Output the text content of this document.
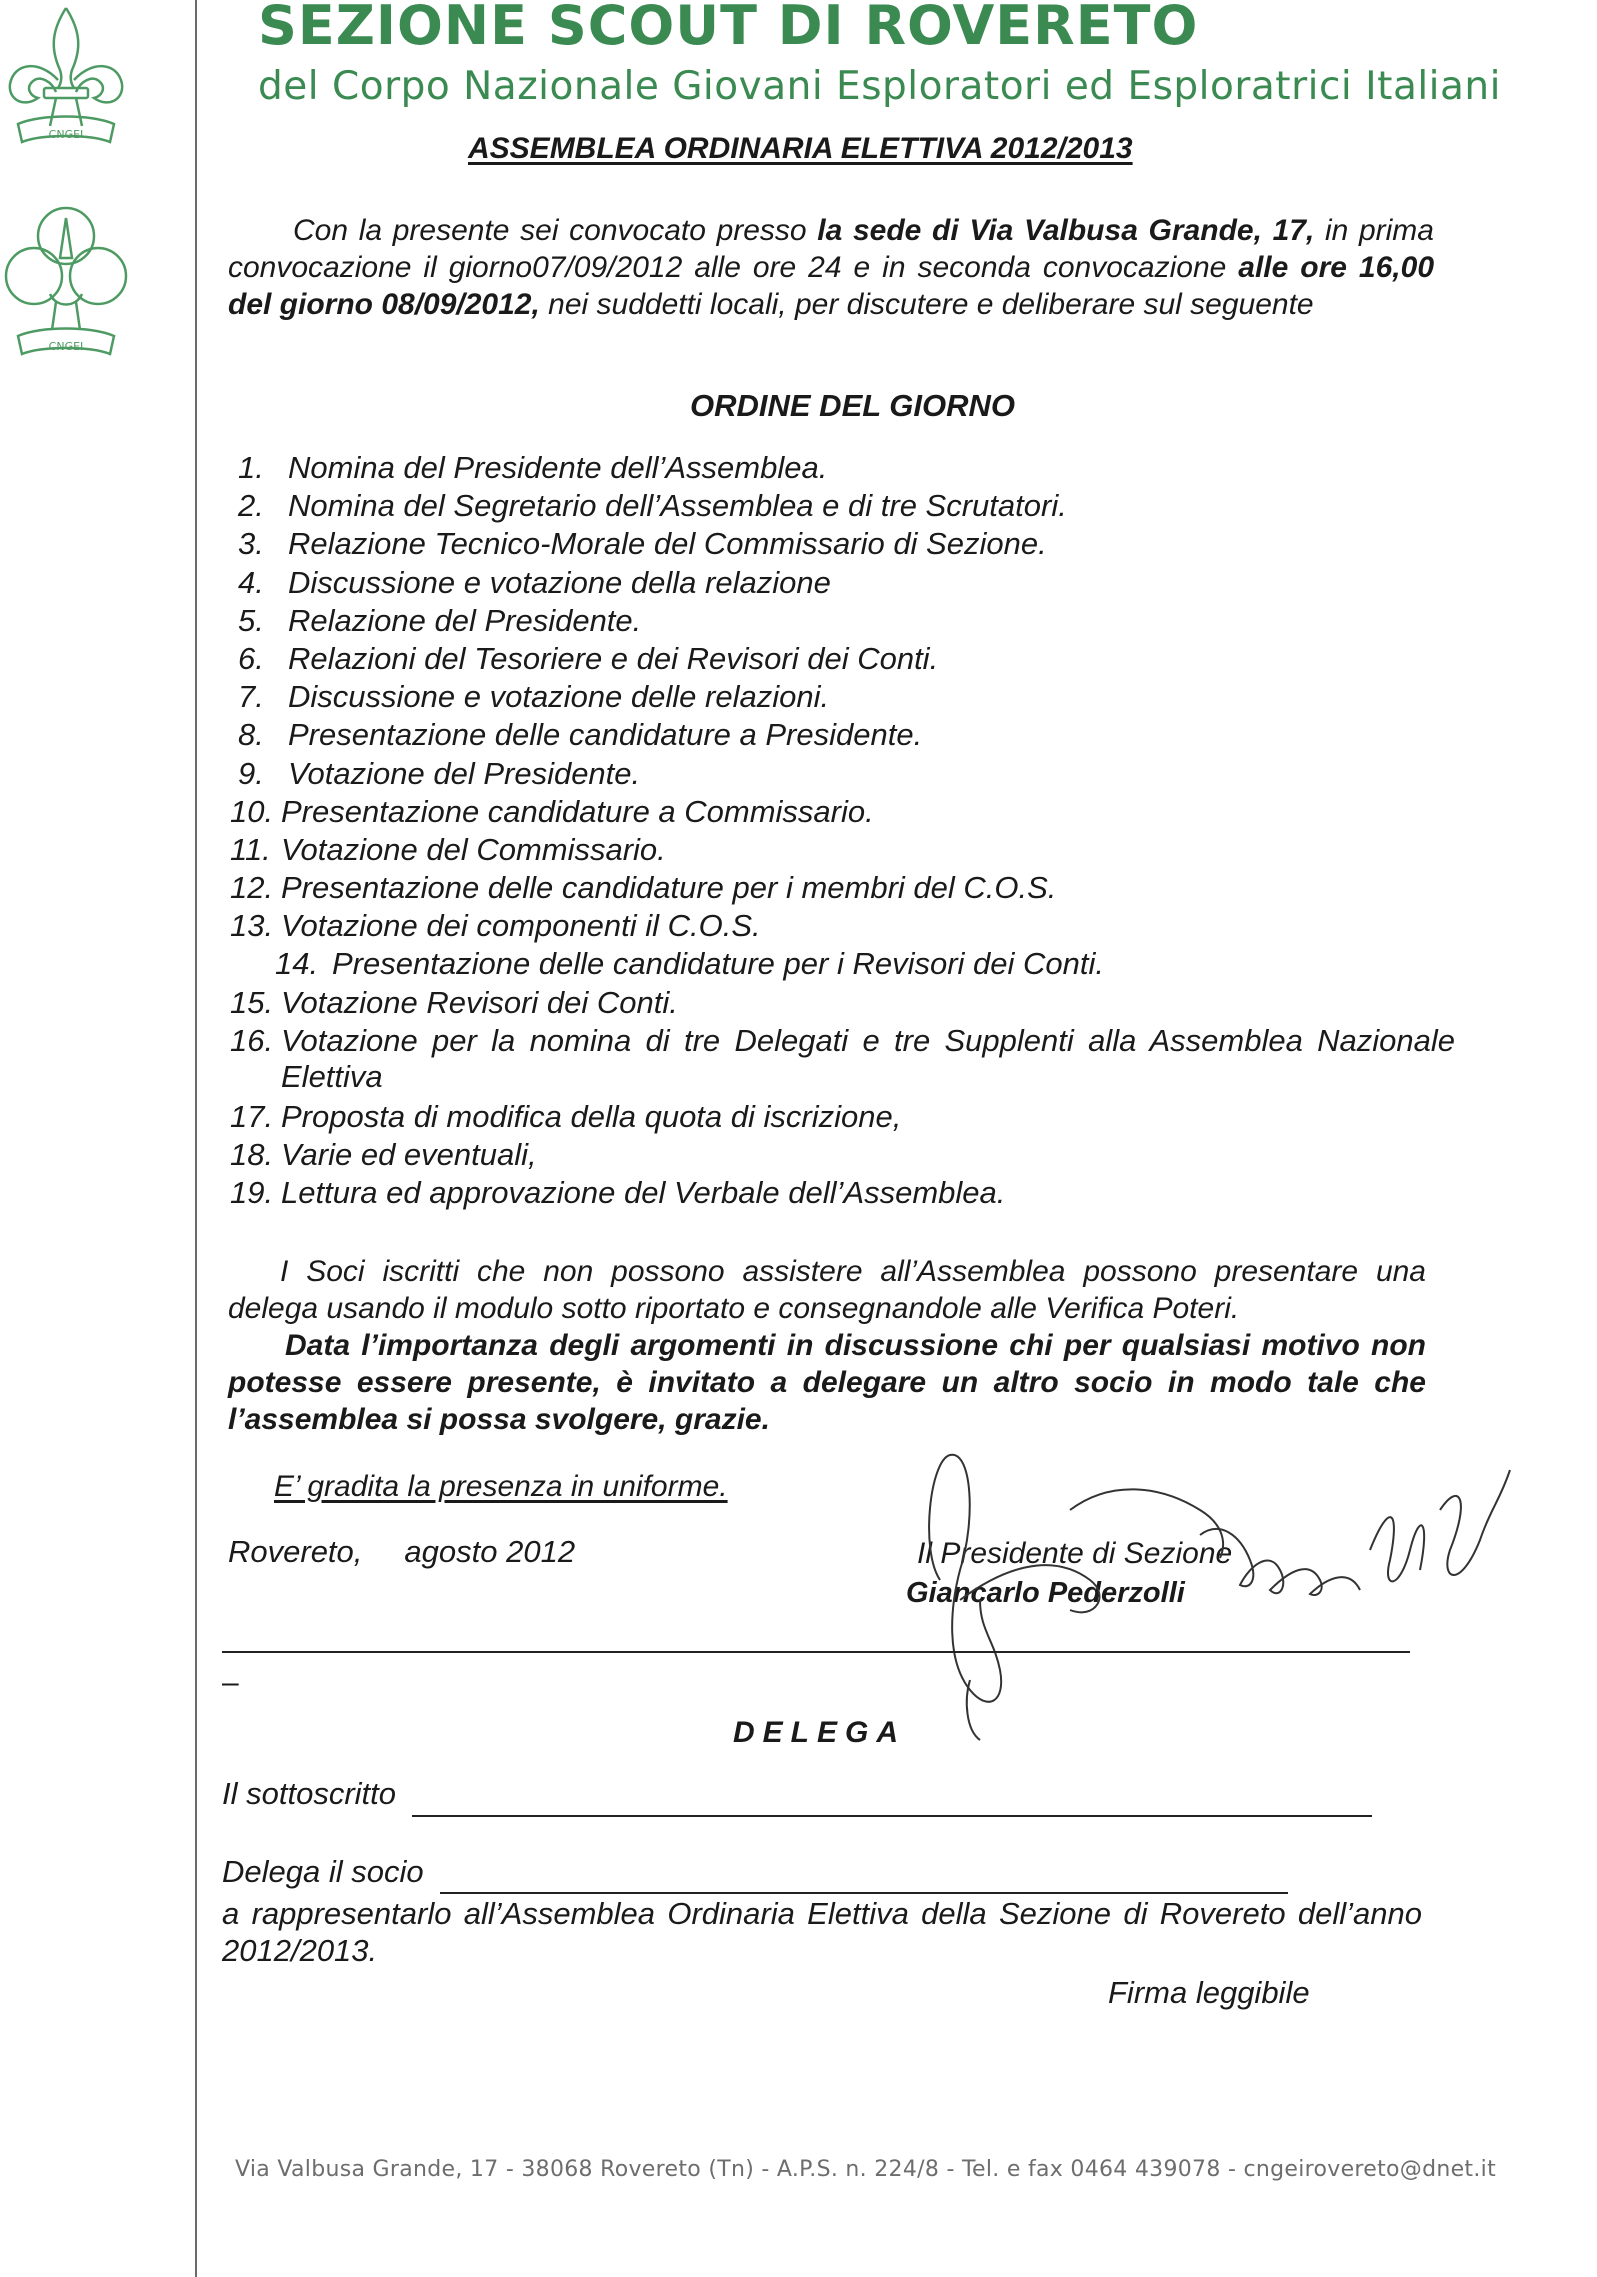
CNGEI
CNGEI
SEZIONE SCOUT DI ROVERETO
del Corpo Nazionale Giovani Esploratori ed Esploratrici Italiani
ASSEMBLEA ORDINARIA ELETTIVA 2012/2013

Con la presente sei convocato presso la sede di Via Valbusa Grande, 17, in prima convocazione il giorno07/09/2012 alle ore 24 e in seconda convocazione alle ore 16,00 del giorno 08/09/2012, nei suddetti locali, per discutere e deliberare sul seguente

ORDINE DEL GIORNO
1. Nomina del Presidente dell’Assemblea.
2. Nomina del Segretario dell’Assemblea e di tre Scrutatori.
3. Relazione Tecnico-Morale del Commissario di Sezione.
4. Discussione e votazione della relazione
5. Relazione del Presidente.
6. Relazioni del Tesoriere e dei Revisori dei Conti.
7. Discussione e votazione delle relazioni.
8. Presentazione delle candidature a Presidente.
9. Votazione del Presidente.
10. Presentazione candidature a Commissario.
11. Votazione del Commissario.
12. Presentazione delle candidature per i membri del C.O.S.
13. Votazione dei componenti il C.O.S.
14. Presentazione delle candidature per i Revisori dei Conti.
15. Votazione Revisori dei Conti.
16. Votazione per la nomina di tre Delegati e tre Supplenti alla Assemblea Nazionale Elettiva
17. Proposta di modifica della quota di iscrizione,
18. Varie ed eventuali,
19. Lettura ed approvazione del Verbale dell’Assemblea.

I Soci iscritti che non possono assistere all’Assemblea possono presentare una delega usando il modulo sotto riportato e consegnandole alle Verifica Poteri.

Data l’importanza degli argomenti in discussione chi per qualsiasi motivo non potesse essere presente, è invitato a delegare un altro socio in modo tale che l’assemblea si possa svolgere, grazie.

E’ gradita la presenza in uniforme.
Rovereto, agosto 2012	Il Presidente di Sezione
Giancarlo Pederzolli
–
DELEGA
Il sottoscritto
Delega il socio

a rappresentarlo all’Assemblea Ordinaria Elettiva della Sezione di Rovereto dell’anno 2012/2013.

Firma leggibile
Via Valbusa Grande, 17 - 38068 Rovereto (Tn) - A.P.S. n. 224/8 - Tel. e fax 0464 439078 - cngeirovereto@dnet.it
